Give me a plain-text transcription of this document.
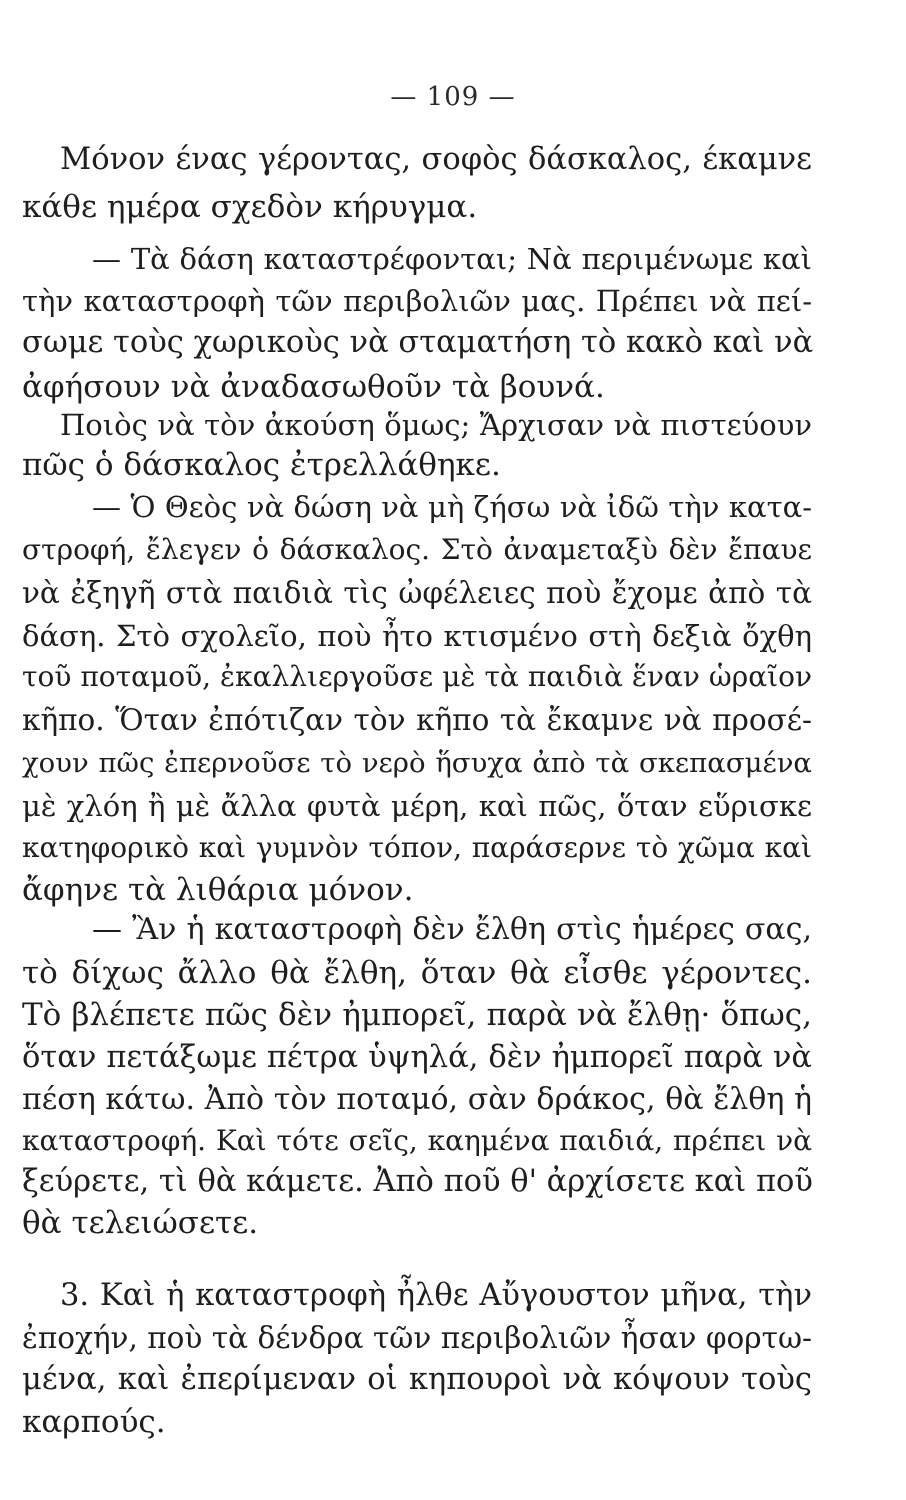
— 109 —
Μόνον ένας γέροντας, σοφὸς δάσκαλος, έκαμνε
κάθε ημέρα σχεδὸν κήρυγμα.
— Τὰ δάση καταστρέφονται; Νὰ περιμένωμε καὶ
τὴν καταστροφὴ τῶν περιβολιῶν μας. Πρέπει νὰ πεί-
σωμε τοὺς χωρικοὺς νὰ σταματήση τὸ κακὸ καὶ νὰ
ἀφήσουν νὰ ἀναδασωθοῦν τὰ βουνά.
Ποιὸς νὰ τὸν ἀκούση ὅμως; Ἄρχισαν νὰ πιστεύουν
πῶς ὁ δάσκαλος ἐτρελλάθηκε.
— Ὁ Θεὸς νὰ δώση νὰ μὴ ζήσω νὰ ἰδῶ τὴν κατα-
στροφή, ἔλεγεν ὁ δάσκαλος. Στὸ ἀναμεταξὺ δὲν ἔπαυε
νὰ ἐξηγῆ στὰ παιδιὰ τὶς ὠφέλειες ποὺ ἔχομε ἀπὸ τὰ
δάση. Στὸ σχολεῖο, ποὺ ἦτο κτισμένο στὴ δεξιὰ ὄχθη
τοῦ ποταμοῦ, ἐκαλλιεργοῦσε μὲ τὰ παιδιὰ ἕναν ὡραῖον
κῆπο. Ὅταν ἐπότιζαν τὸν κῆπο τὰ ἔκαμνε νὰ προσέ-
χουν πῶς ἐπερνοῦσε τὸ νερὸ ἥσυχα ἀπὸ τὰ σκεπασμένα
μὲ χλόη ἢ μὲ ἄλλα φυτὰ μέρη, καὶ πῶς, ὅταν εὕρισκε
κατηφορικὸ καὶ γυμνὸν τόπον, παράσερνε τὸ χῶμα καὶ
ἄφηνε τὰ λιθάρια μόνον.
— Ἂν ἡ καταστροφὴ δὲν ἔλθη στὶς ἡμέρες σας,
τὸ δίχως ἄλλο θὰ ἔλθη, ὅταν θὰ εἶσθε γέροντες.
Τὸ βλέπετε πῶς δὲν ἠμπορεῖ, παρὰ νὰ ἔλθῃ· ὅπως,
ὅταν πετάξωμε πέτρα ὑψηλά, δὲν ἠμπορεῖ παρὰ νὰ
πέση κάτω. Ἀπὸ τὸν ποταμό, σὰν δράκος, θὰ ἔλθη ἡ
καταστροφή. Καὶ τότε σεῖς, καημένα παιδιά, πρέπει νὰ
ξεύρετε, τὶ θὰ κάμετε. Ἀπὸ ποῦ θ' ἀρχίσετε καὶ ποῦ
θὰ τελειώσετε.
3. Καὶ ἡ καταστροφὴ ἦλθε Αὔγουστον μῆνα, τὴν
ἐποχήν, ποὺ τὰ δένδρα τῶν περιβολιῶν ἦσαν φορτω-
μένα, καὶ ἐπερίμεναν οἱ κηπουροὶ νὰ κόψουν τοὺς
καρπούς.
